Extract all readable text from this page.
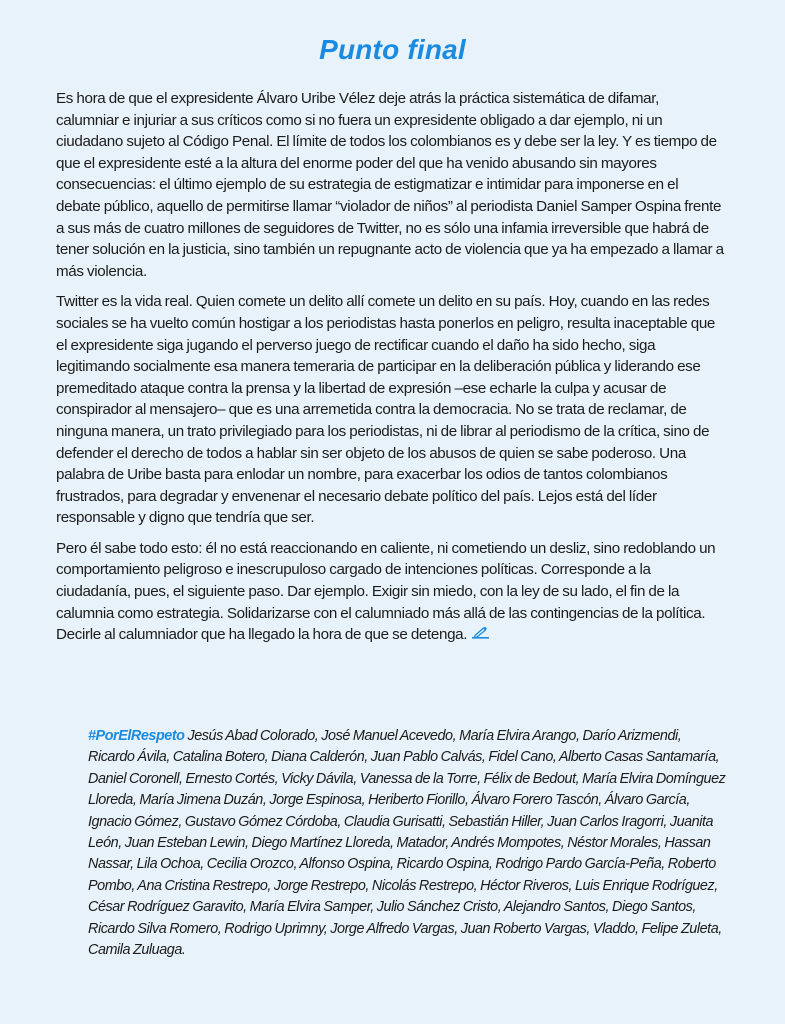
Punto final

Es hora de que el expresidente Álvaro Uribe Vélez deje atrás la práctica sistemática de difamar, calumniar e injuriar a sus críticos como si no fuera un expresidente obligado a dar ejemplo, ni un ciudadano sujeto al Código Penal. El límite de todos los colombianos es y debe ser la ley. Y es tiempo de que el expresidente esté a la altura del enorme poder del que ha venido abusando sin mayores consecuencias: el último ejemplo de su estrategia de estigmatizar e intimidar para imponerse en el debate público, aquello de permitirse llamar “violador de niños” al periodista Daniel Samper Ospina frente a sus más de cuatro millones de seguidores de Twitter, no es sólo una infamia irreversible que habrá de tener solución en la justicia, sino también un repugnante acto de violencia que ya ha empezado a llamar a más violencia.

Twitter es la vida real. Quien comete un delito allí comete un delito en su país. Hoy, cuando en las redes sociales se ha vuelto común hostigar a los periodistas hasta ponerlos en peligro, resulta inaceptable que el expresidente siga jugando el perverso juego de rectificar cuando el daño ha sido hecho, siga legitimando socialmente esa manera temeraria de participar en la deliberación pública y liderando ese premeditado ataque contra la prensa y la libertad de expresión –ese echarle la culpa y acusar de conspirador al mensajero– que es una arremetida contra la democracia. No se trata de reclamar, de ninguna manera, un trato privilegiado para los periodistas, ni de librar al periodismo de la crítica, sino de defender el derecho de todos a hablar sin ser objeto de los abusos de quien se sabe poderoso. Una palabra de Uribe basta para enlodar un nombre, para exacerbar los odios de tantos colombianos frustrados, para degradar y envenenar el necesario debate político del país. Lejos está del líder responsable y digno que tendría que ser.

Pero él sabe todo esto: él no está reaccionando en caliente, ni cometiendo un desliz, sino redoblando un comportamiento peligroso e inescrupuloso cargado de intenciones políticas. Corresponde a la ciudadanía, pues, el siguiente paso. Dar ejemplo. Exigir sin miedo, con la ley de su lado, el fin de la calumnia como estrategia. Solidarizarse con el calumniado más allá de las contingencias de la política. Decirle al calumniador que ha llegado la hora de que se detenga.

#PorElRespeto Jesús Abad Colorado, José Manuel Acevedo, María Elvira Arango, Darío Arizmendi, Ricardo Ávila, Catalina Botero, Diana Calderón, Juan Pablo Calvás, Fidel Cano, Alberto Casas Santamaría, Daniel Coronell, Ernesto Cortés, Vicky Dávila, Vanessa de la Torre, Félix de Bedout, María Elvira Domínguez Lloreda, María Jimena Duzán, Jorge Espinosa, Heriberto Fiorillo, Álvaro Forero Tascón, Álvaro García, Ignacio Gómez, Gustavo Gómez Córdoba, Claudia Gurisatti, Sebastián Hiller, Juan Carlos Iragorri, Juanita León, Juan Esteban Lewin, Diego Martínez Lloreda, Matador, Andrés Mompotes, Néstor Morales, Hassan Nassar, Lila Ochoa, Cecilia Orozco, Alfonso Ospina, Ricardo Ospina, Rodrigo Pardo García-Peña, Roberto Pombo, Ana Cristina Restrepo, Jorge Restrepo, Nicolás Restrepo, Héctor Riveros, Luis Enrique Rodríguez, César Rodríguez Garavito, María Elvira Samper, Julio Sánchez Cristo, Alejandro Santos, Diego Santos, Ricardo Silva Romero, Rodrigo Uprimny, Jorge Alfredo Vargas, Juan Roberto Vargas, Vladdo, Felipe Zuleta, Camila Zuluaga.
